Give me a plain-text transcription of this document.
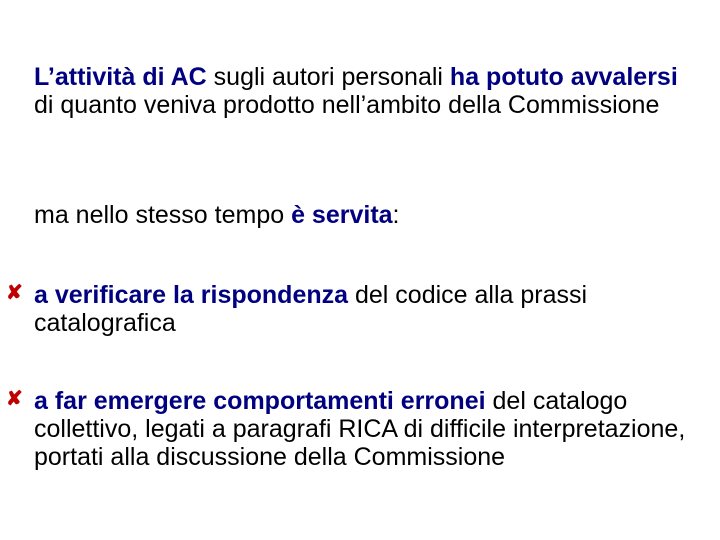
L’attività di AC sugli autori personali ha potuto avvalersi di quanto veniva prodotto nell’ambito della Commissione

ma nello stesso tempo è servita:

✘ a verificare la rispondenza del codice alla prassi catalografica

✘ a far emergere comportamenti erronei del catalogo collettivo, legati a paragrafi RICA di difficile interpretazione, portati alla discussione della Commissione
